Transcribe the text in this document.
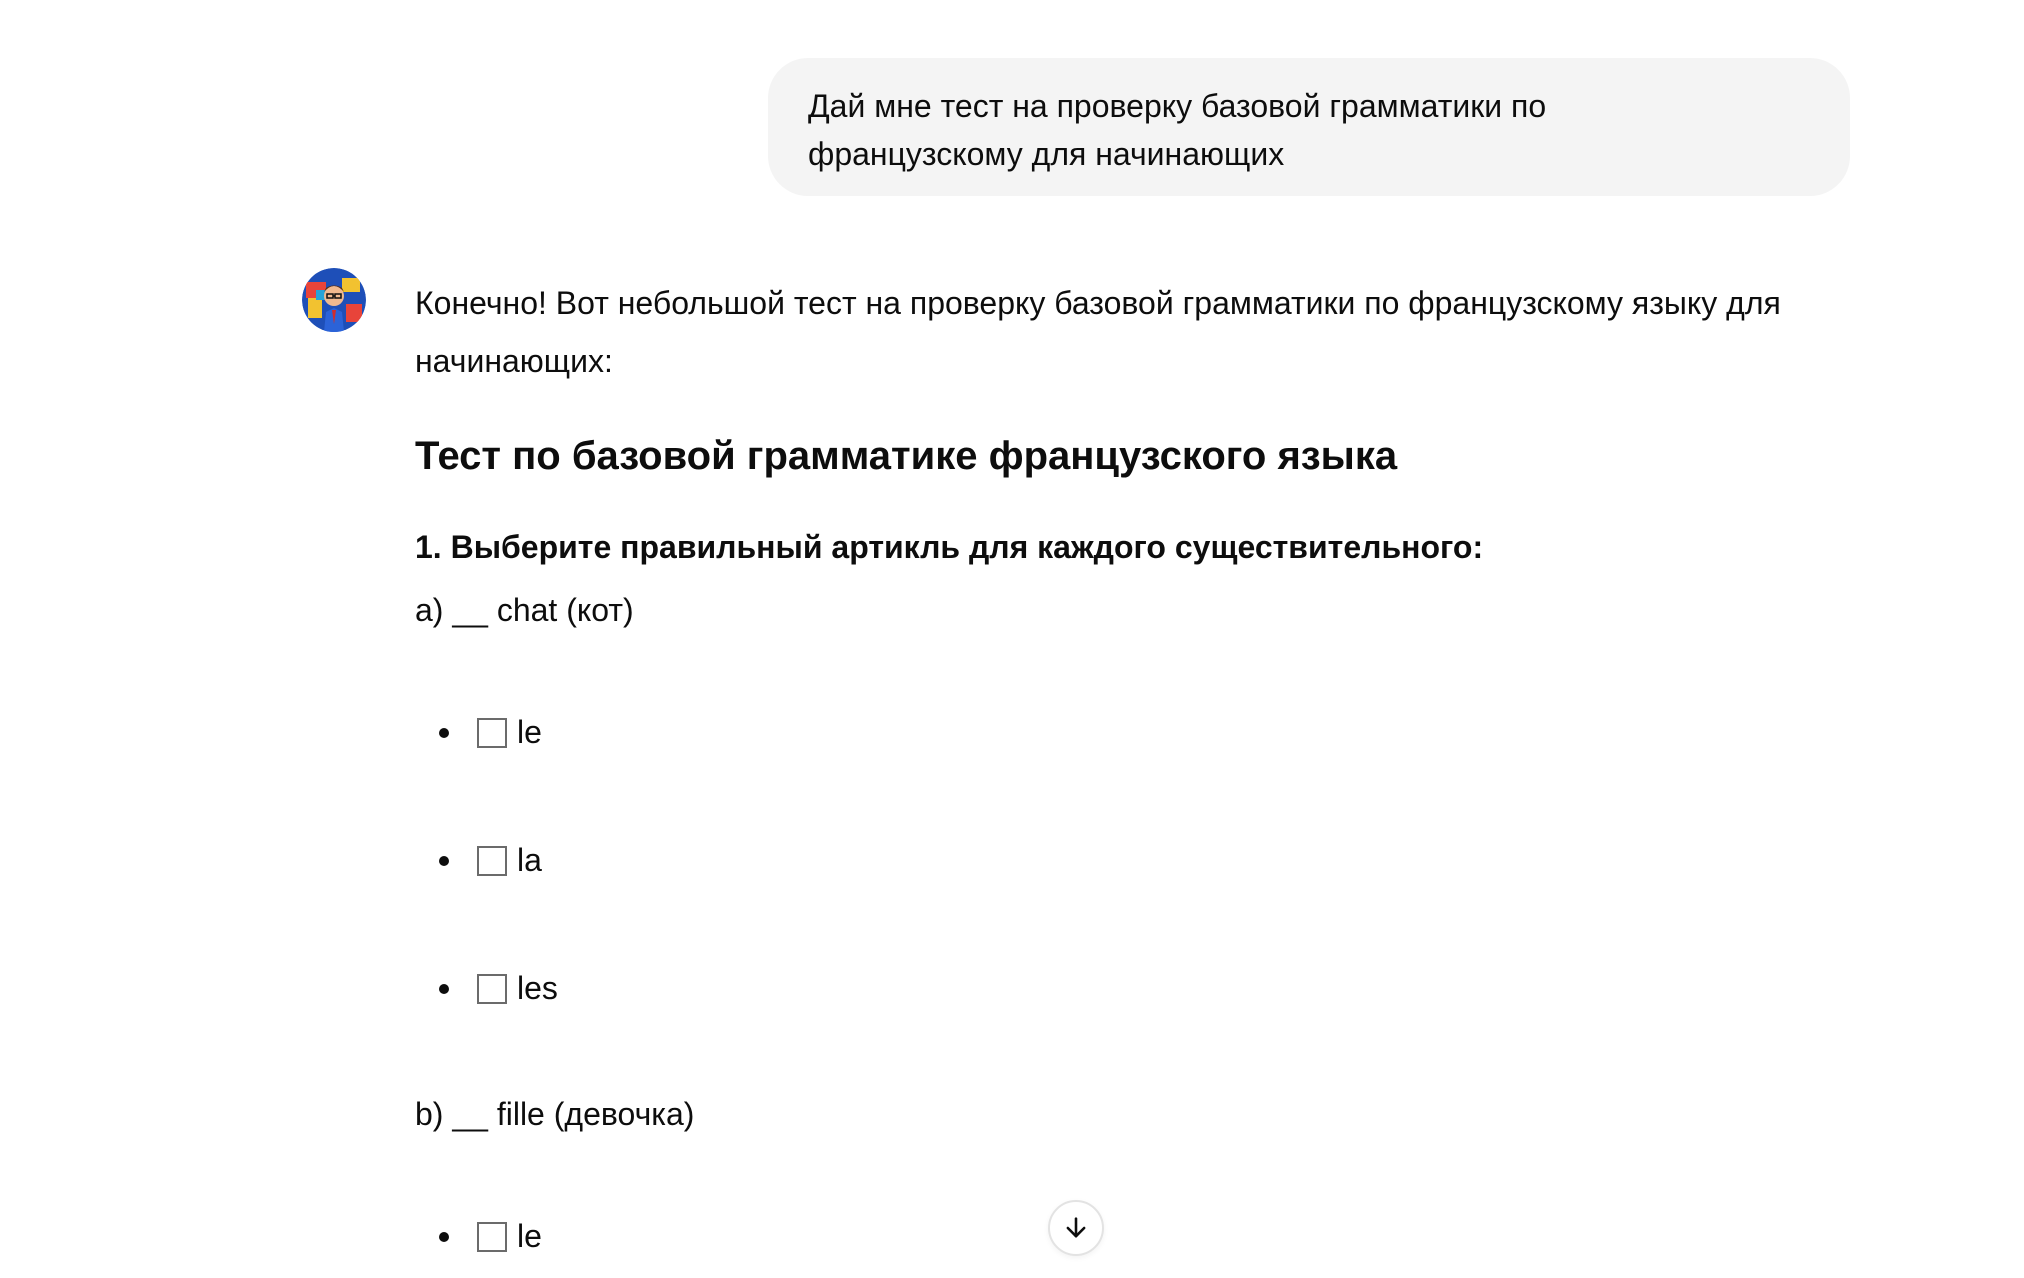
Дай мне тест на проверку базовой грамматики по
французскому для начинающих

Конечно! Вот небольшой тест на проверку базовой грамматики по французскому языку для начинающих:

Тест по базовой грамматике французского языка
1. Выберите правильный артикль для каждого существительного:
a) __ chat (кот)
le
la
les
b) __ fille (девочка)
le
